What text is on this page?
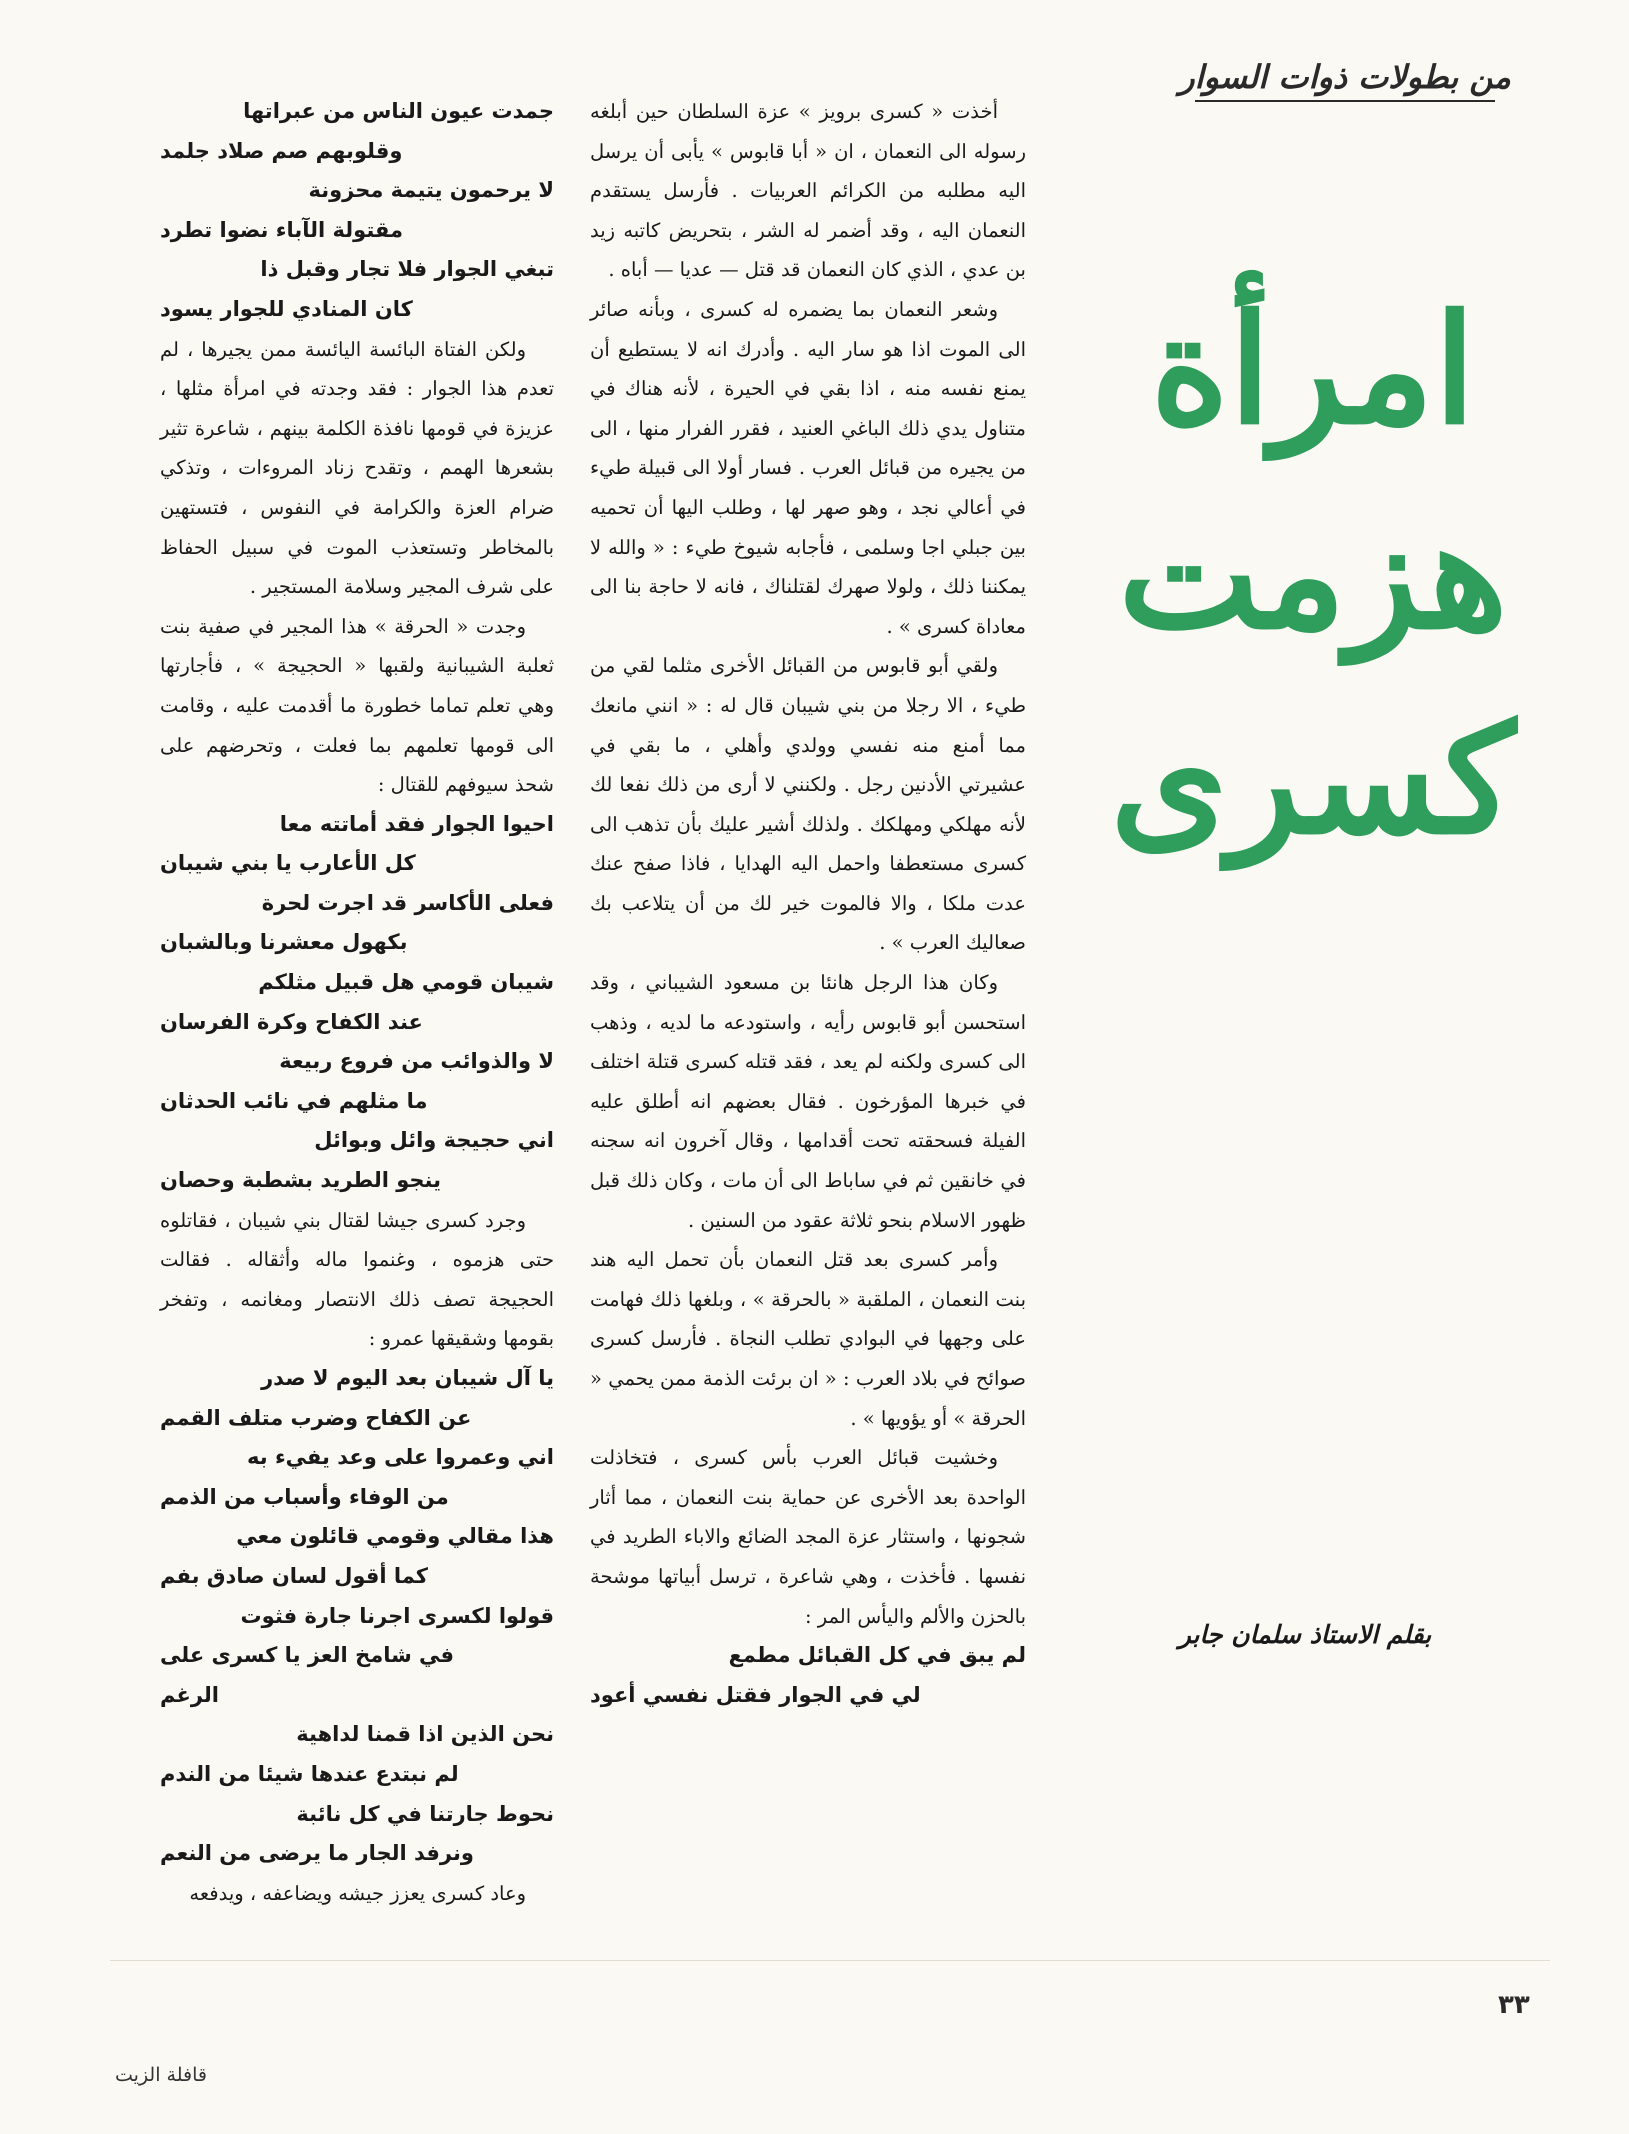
من بطولات ذوات السوار
امرأة
هزمت
كسرى
بقلم الاستاذ سلمان جابر

أخذت « كسرى برويز » عزة السلطان حين أبلغه رسوله الى النعمان ، ان « أبا قابوس » يأبى أن يرسل اليه مطلبه من الكرائم العربيات . فأرسل يستقدم النعمان اليه ، وقد أضمر له الشر ، بتحريض كاتبه زيد بن عدي ، الذي كان النعمان قد قتل — عديا — أباه .

وشعر النعمان بما يضمره له كسرى ، وبأنه صائر الى الموت اذا هو سار اليه . وأدرك انه لا يستطيع أن يمنع نفسه منه ، اذا بقي في الحيرة ، لأنه هناك في متناول يدي ذلك الباغي العنيد ، فقرر الفرار منها ، الى من يجيره من قبائل العرب . فسار أولا الى قبيلة طيء في أعالي نجد ، وهو صهر لها ، وطلب اليها أن تحميه بين جبلي اجا وسلمى ، فأجابه شيوخ طيء : « والله لا يمكننا ذلك ، ولولا صهرك لقتلناك ، فانه لا حاجة بنا الى معاداة كسرى » .

ولقي أبو قابوس من القبائل الأخرى مثلما لقي من طيء ، الا رجلا من بني شيبان قال له : « انني مانعك مما أمنع منه نفسي وولدي وأهلي ، ما بقي في عشيرتي الأدنين رجل . ولكنني لا أرى من ذلك نفعا لك لأنه مهلكي ومهلكك . ولذلك أشير عليك بأن تذهب الى كسرى مستعطفا واحمل اليه الهدايا ، فاذا صفح عنك عدت ملكا ، والا فالموت خير لك من أن يتلاعب بك صعاليك العرب » .

وكان هذا الرجل هانئا بن مسعود الشيباني ، وقد استحسن أبو قابوس رأيه ، واستودعه ما لديه ، وذهب الى كسرى ولكنه لم يعد ، فقد قتله كسرى قتلة اختلف في خبرها المؤرخون . فقال بعضهم انه أطلق عليه الفيلة فسحقته تحت أقدامها ، وقال آخرون انه سجنه في خانقين ثم في ساباط الى أن مات ، وكان ذلك قبل ظهور الاسلام بنحو ثلاثة عقود من السنين .

وأمر كسرى بعد قتل النعمان بأن تحمل اليه هند بنت النعمان ، الملقبة « بالحرقة » ، وبلغها ذلك فهامت على وجهها في البوادي تطلب النجاة . فأرسل كسرى صوائح في بلاد العرب : « ان برئت الذمة ممن يحمي « الحرقة » أو يؤويها » .

وخشيت قبائل العرب بأس كسرى ، فتخاذلت الواحدة بعد الأخرى عن حماية بنت النعمان ، مما أثار شجونها ، واستثار عزة المجد الضائع والاباء الطريد في نفسها . فأخذت ، وهي شاعرة ، ترسل أبياتها موشحة بالحزن والألم واليأس المر :

لم يبق في كل القبائل مطمع

لي في الجوار فقتل نفسي أعود

جمدت عيون الناس من عبراتها

وقلوبهم صم صلاد جلمد

لا يرحمون يتيمة محزونة

مقتولة الآباء نضوا تطرد

تبغي الجوار فلا تجار وقبل ذا

كان المنادي للجوار يسود

ولكن الفتاة البائسة اليائسة ممن يجيرها ، لم تعدم هذا الجوار : فقد وجدته في امرأة مثلها ، عزيزة في قومها نافذة الكلمة بينهم ، شاعرة تثير بشعرها الهمم ، وتقدح زناد المروءات ، وتذكي ضرام العزة والكرامة في النفوس ، فتستهين بالمخاطر وتستعذب الموت في سبيل الحفاظ على شرف المجير وسلامة المستجير .

وجدت « الحرقة » هذا المجير في صفية بنت ثعلبة الشيبانية ولقبها « الحجيجة » ، فأجارتها وهي تعلم تماما خطورة ما أقدمت عليه ، وقامت الى قومها تعلمهم بما فعلت ، وتحرضهم على شحذ سيوفهم للقتال :

احيوا الجوار فقد أماتته معا

كل الأعارب يا بني شيبان

فعلى الأكاسر قد اجرت لحرة

بكهول معشرنا وبالشبان

شيبان قومي هل قبيل مثلكم

عند الكفاح وكرة الفرسان

لا والذوائب من فروع ربيعة

ما مثلهم في نائب الحدثان

اني حجيجة وائل وبوائل

ينجو الطريد بشطبة وحصان

وجرد كسرى جيشا لقتال بني شيبان ، فقاتلوه حتى هزموه ، وغنموا ماله وأثقاله . فقالت الحجيجة تصف ذلك الانتصار ومغانمه ، وتفخر بقومها وشقيقها عمرو :

يا آل شيبان بعد اليوم لا صدر

عن الكفاح وضرب متلف القمم

اني وعمروا على وعد يفيء به

من الوفاء وأسباب من الذمم

هذا مقالي وقومي قائلون معي

كما أقول لسان صادق بفم

قولوا لكسرى اجرنا جارة فثوت

في شامخ العز يا كسرى على الرغم

نحن الذين اذا قمنا لداهية

لم نبتدع عندها شيئا من الندم

نحوط جارتنا في كل نائبة

ونرفد الجار ما يرضى من النعم

وعاد كسرى يعزز جيشه ويضاعفه ، ويدفعه

٣٣
قافلة الزيت
